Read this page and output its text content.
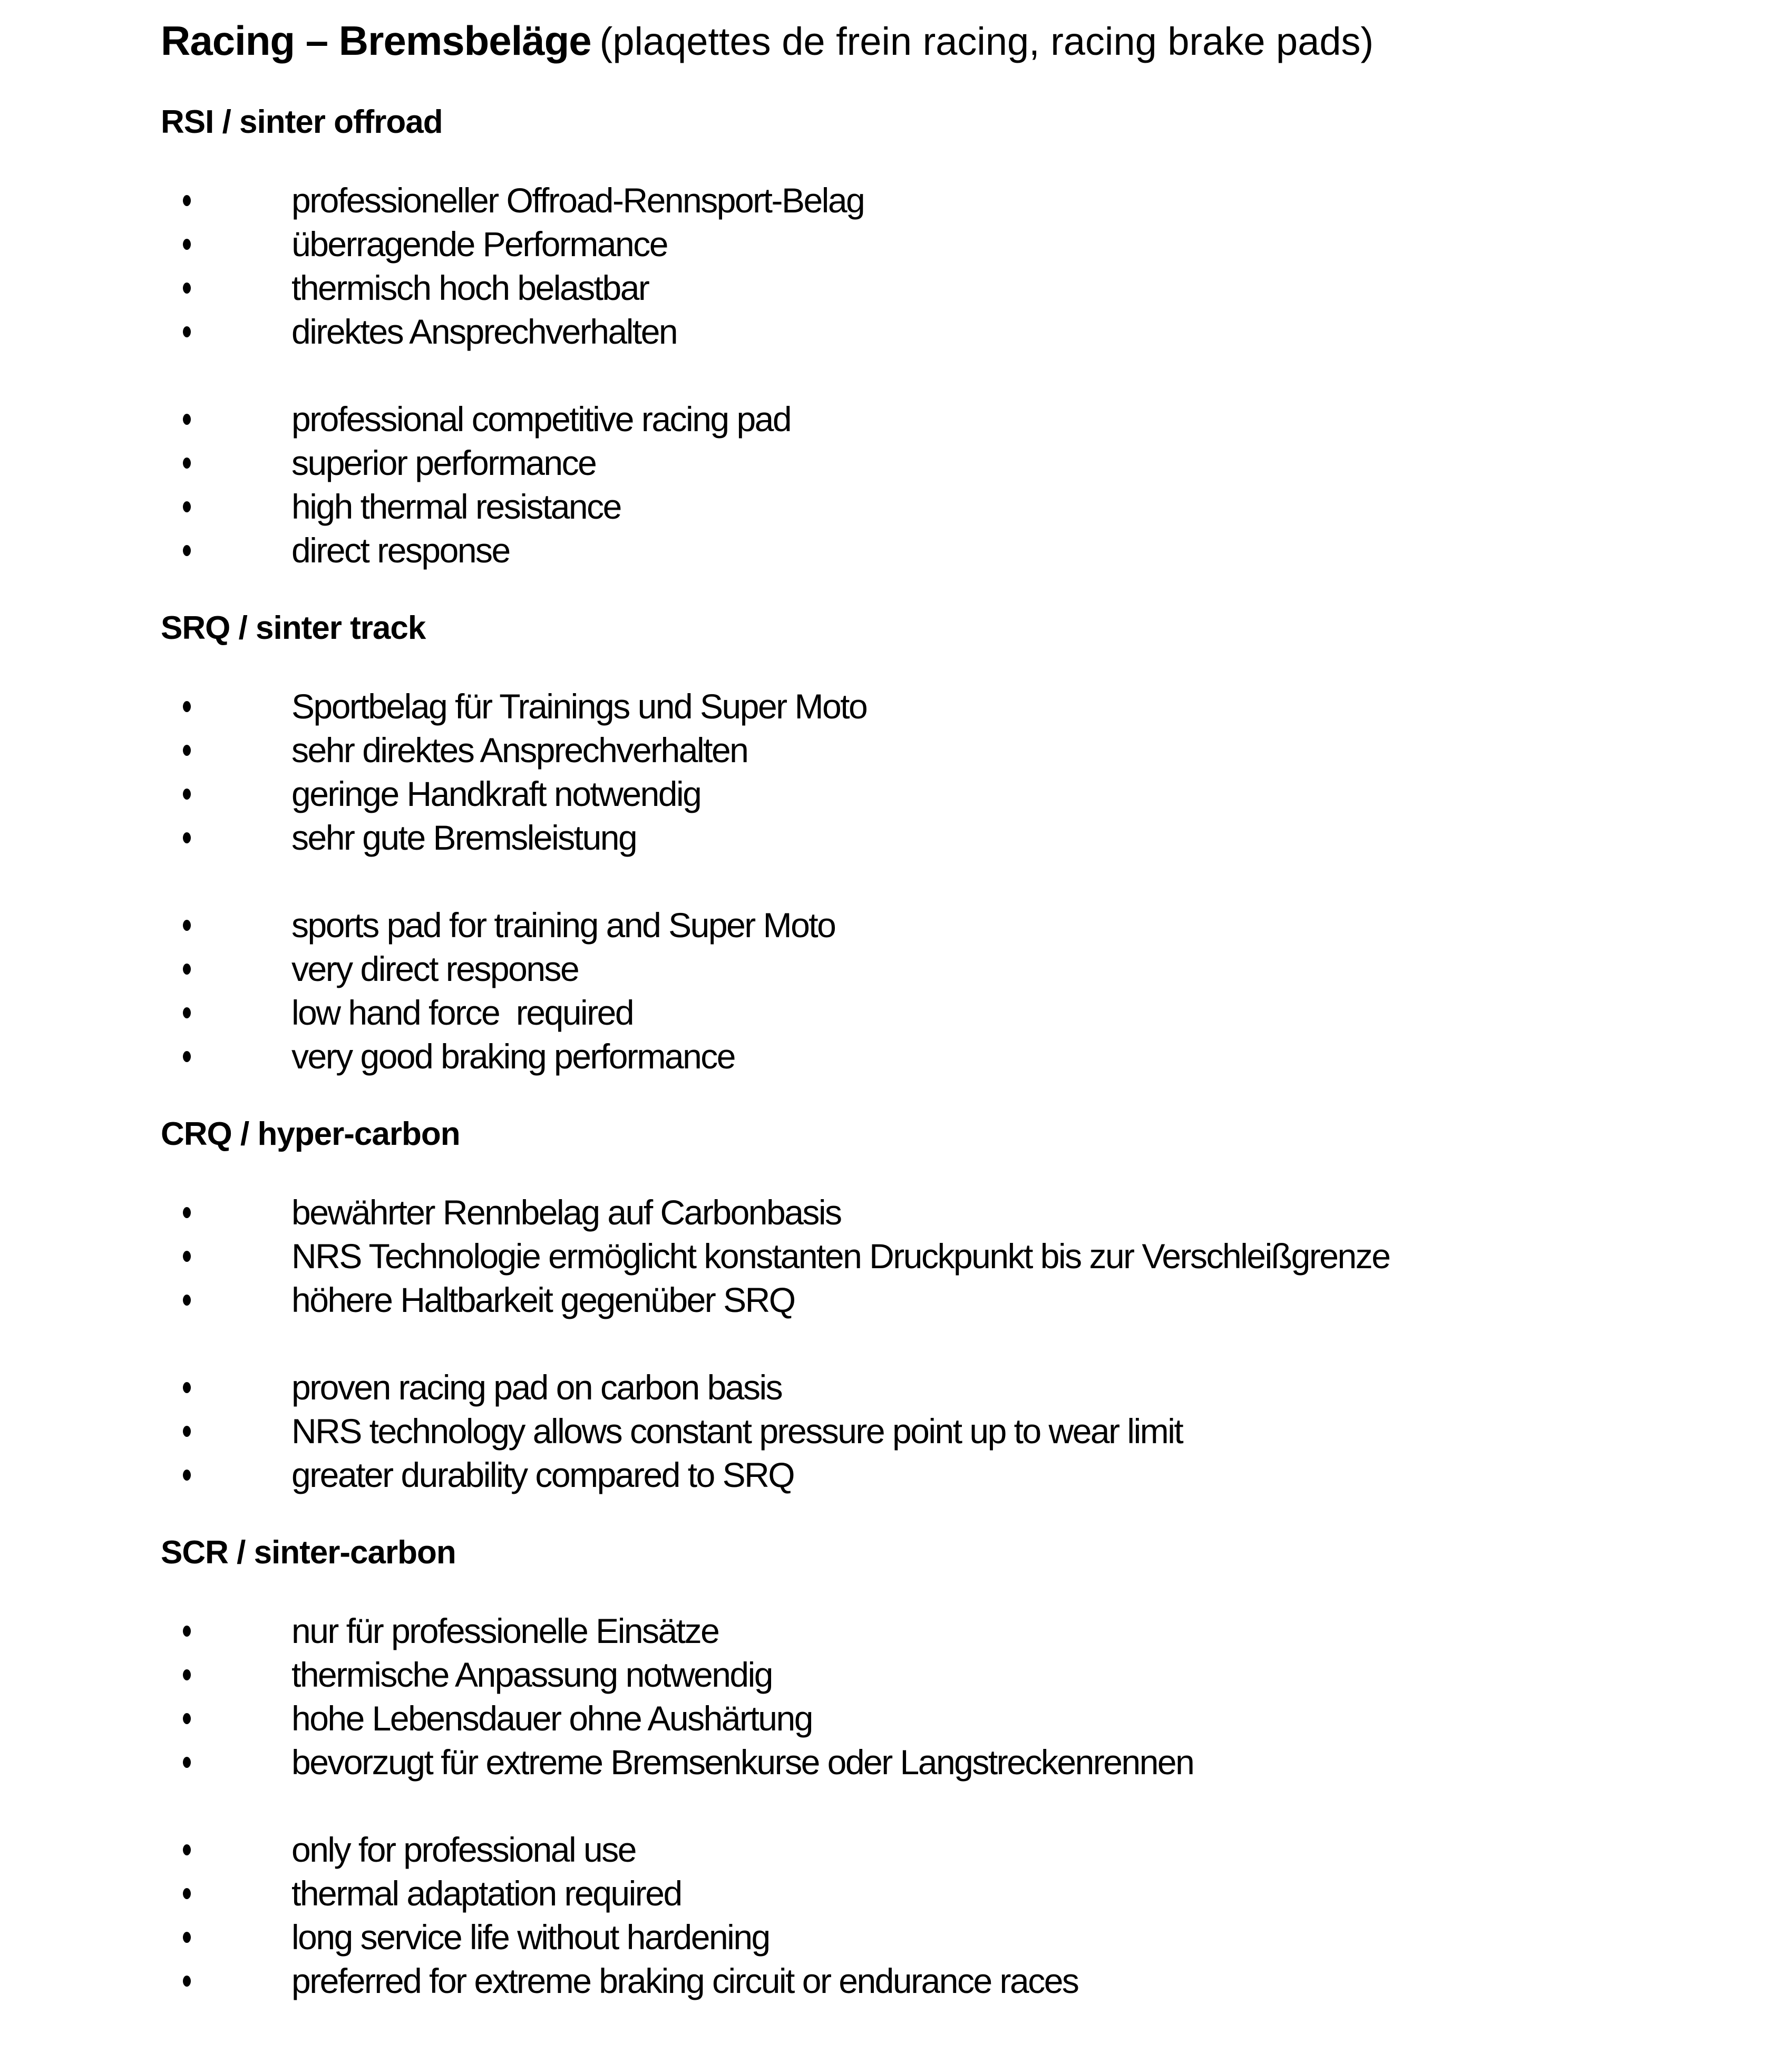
Racing – Bremsbeläge (plaqettes de frein racing, racing brake pads)
RSI / sinter offroad
professioneller Offroad-Rennsport-Belag
überragende Performance
thermisch hoch belastbar
direktes Ansprechverhalten
professional competitive racing pad
superior performance
high thermal resistance
direct response
SRQ / sinter track
Sportbelag für Trainings und Super Moto
sehr direktes Ansprechverhalten
geringe Handkraft notwendig
sehr gute Bremsleistung
sports pad for training and Super Moto
very direct response
low hand force  required
very good braking performance
CRQ / hyper-carbon
bewährter Rennbelag auf Carbonbasis
NRS Technologie ermöglicht konstanten Druckpunkt bis zur Verschleißgrenze
höhere Haltbarkeit gegenüber SRQ
proven racing pad on carbon basis
NRS technology allows constant pressure point up to wear limit
greater durability compared to SRQ
SCR / sinter-carbon
nur für professionelle Einsätze
thermische Anpassung notwendig
hohe Lebensdauer ohne Aushärtung
bevorzugt für extreme Bremsenkurse oder Langstreckenrennen
only for professional use
thermal adaptation required
long service life without hardening
preferred for extreme braking circuit or endurance races
